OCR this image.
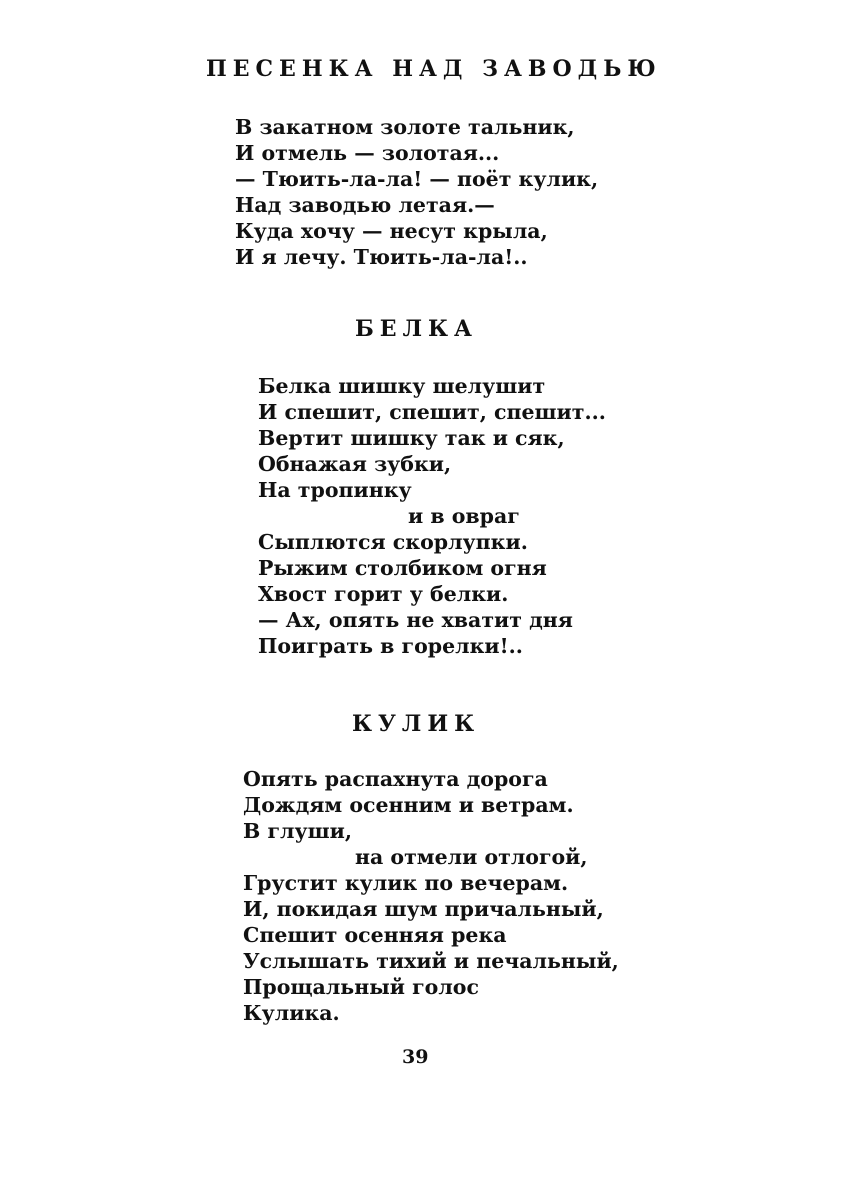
ПЕСЕНКА НАД ЗАВОДЬЮ
В закатном золоте тальник,
И отмель — золотая...
— Тюить-ла-ла! — поёт кулик,
Над заводью летая.—
Куда хочу — несут крыла,
И я лечу. Тюить-ла-ла!..
БЕЛКА
Белка шишку шелушит
И спешит, спешит, спешит...
Вертит шишку так и сяк,
Обнажая зубки,
На тропинку
и в овраг
Сыплются скорлупки.
Рыжим столбиком огня
Хвост горит у белки.
— Ах, опять не хватит дня
Поиграть в горелки!..
КУЛИК
Опять распахнута дорога
Дождям осенним и ветрам.
В глуши,
на отмели отлогой,
Грустит кулик по вечерам.
И, покидая шум причальный,
Спешит осенняя река
Услышать тихий и печальный,
Прощальный голос
Кулика.
39
